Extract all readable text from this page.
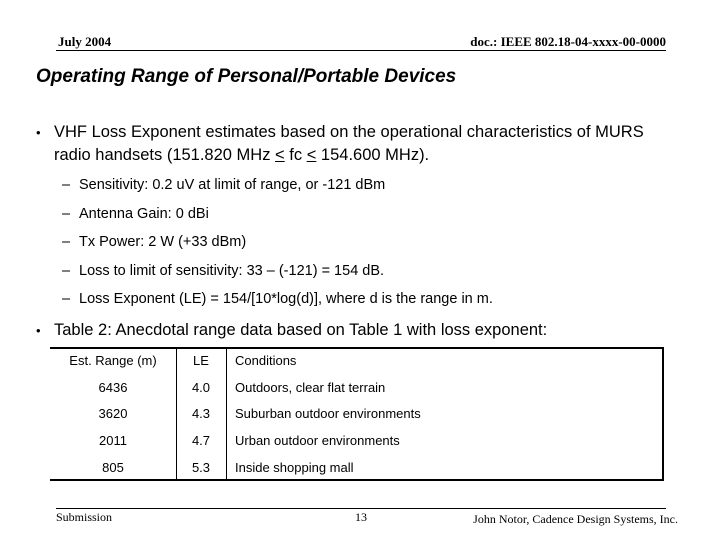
July 2004	doc.: IEEE 802.18-04-xxxx-00-0000
Operating Range of Personal/Portable Devices
• VHF Loss Exponent estimates based on the operational characteristics of MURS radio handsets (151.820 MHz < fc < 154.600 MHz).
– Sensitivity: 0.2 uV at limit of range, or -121 dBm
– Antenna Gain: 0 dBi
– Tx Power: 2 W (+33 dBm)
– Loss to limit of sensitivity: 33 – (-121) = 154 dB.
– Loss Exponent (LE) = 154/[10*log(d)], where d is the range in m.
• Table 2: Anecdotal range data based on Table 1 with loss exponent:
Est. Range (m)	LE	Conditions
6436	4.0	Outdoors, clear flat terrain
3620	4.3	Suburban outdoor environments
2011	4.7	Urban outdoor environments
805	5.3	Inside shopping mall
Submission	13	John Notor, Cadence Design Systems, Inc.
